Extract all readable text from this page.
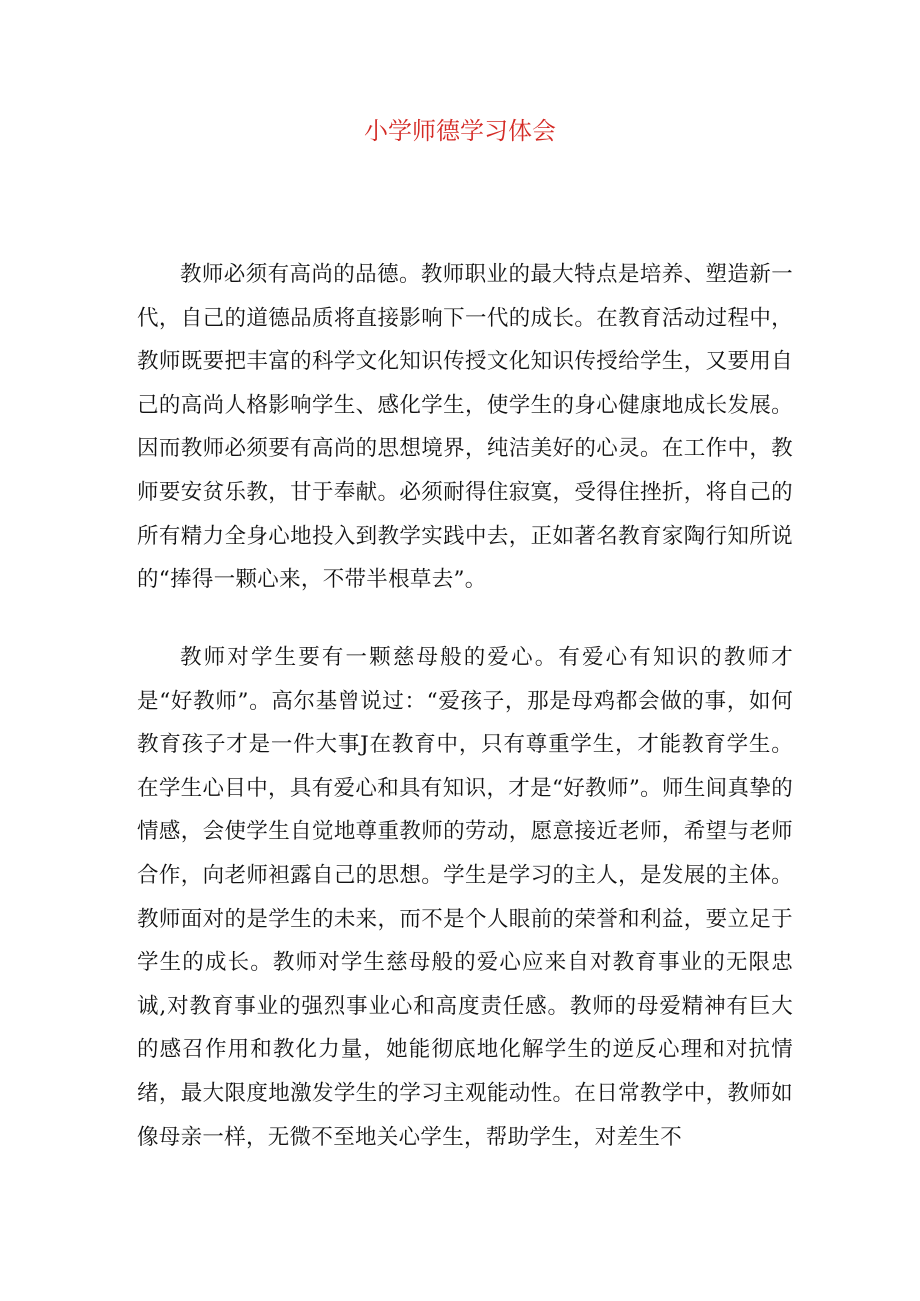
小学师德学习体会

教师必须有高尚的品德。教师职业的最大特点是培养、塑造新一代，自己的道德品质将直接影响下一代的成长。在教育活动过程中，教师既要把丰富的科学文化知识传授文化知识传授给学生，又要用自己的高尚人格影响学生、感化学生，使学生的身心健康地成长发展。因而教师必须要有高尚的思想境界，纯洁美好的心灵。在工作中，教师要安贫乐教，甘于奉献。必须耐得住寂寞，受得住挫折，将自己的所有精力全身心地投入到教学实践中去，正如著名教育家陶行知所说的“捧得一颗心来，不带半根草去”。

教师对学生要有一颗慈母般的爱心。有爱心有知识的教师才是“好教师”。高尔基曾说过：“爱孩子，那是母鸡都会做的事，如何教育孩子才是一件大事J在教育中，只有尊重学生，才能教育学生。在学生心目中，具有爱心和具有知识，才是“好教师”。师生间真挚的情感，会使学生自觉地尊重教师的劳动，愿意接近老师，希望与老师合作，向老师袒露自己的思想。学生是学习的主人，是发展的主体。教师面对的是学生的未来，而不是个人眼前的荣誉和利益，要立足于学生的成长。教师对学生慈母般的爱心应来自对教育事业的无限忠诚,对教育事业的强烈事业心和高度责任感。教师的母爱精神有巨大的感召作用和教化力量，她能彻底地化解学生的逆反心理和对抗情绪，最大限度地激发学生的学习主观能动性。在日常教学中，教师如像母亲一样，无微不至地关心学生，帮助学生，对差生不
